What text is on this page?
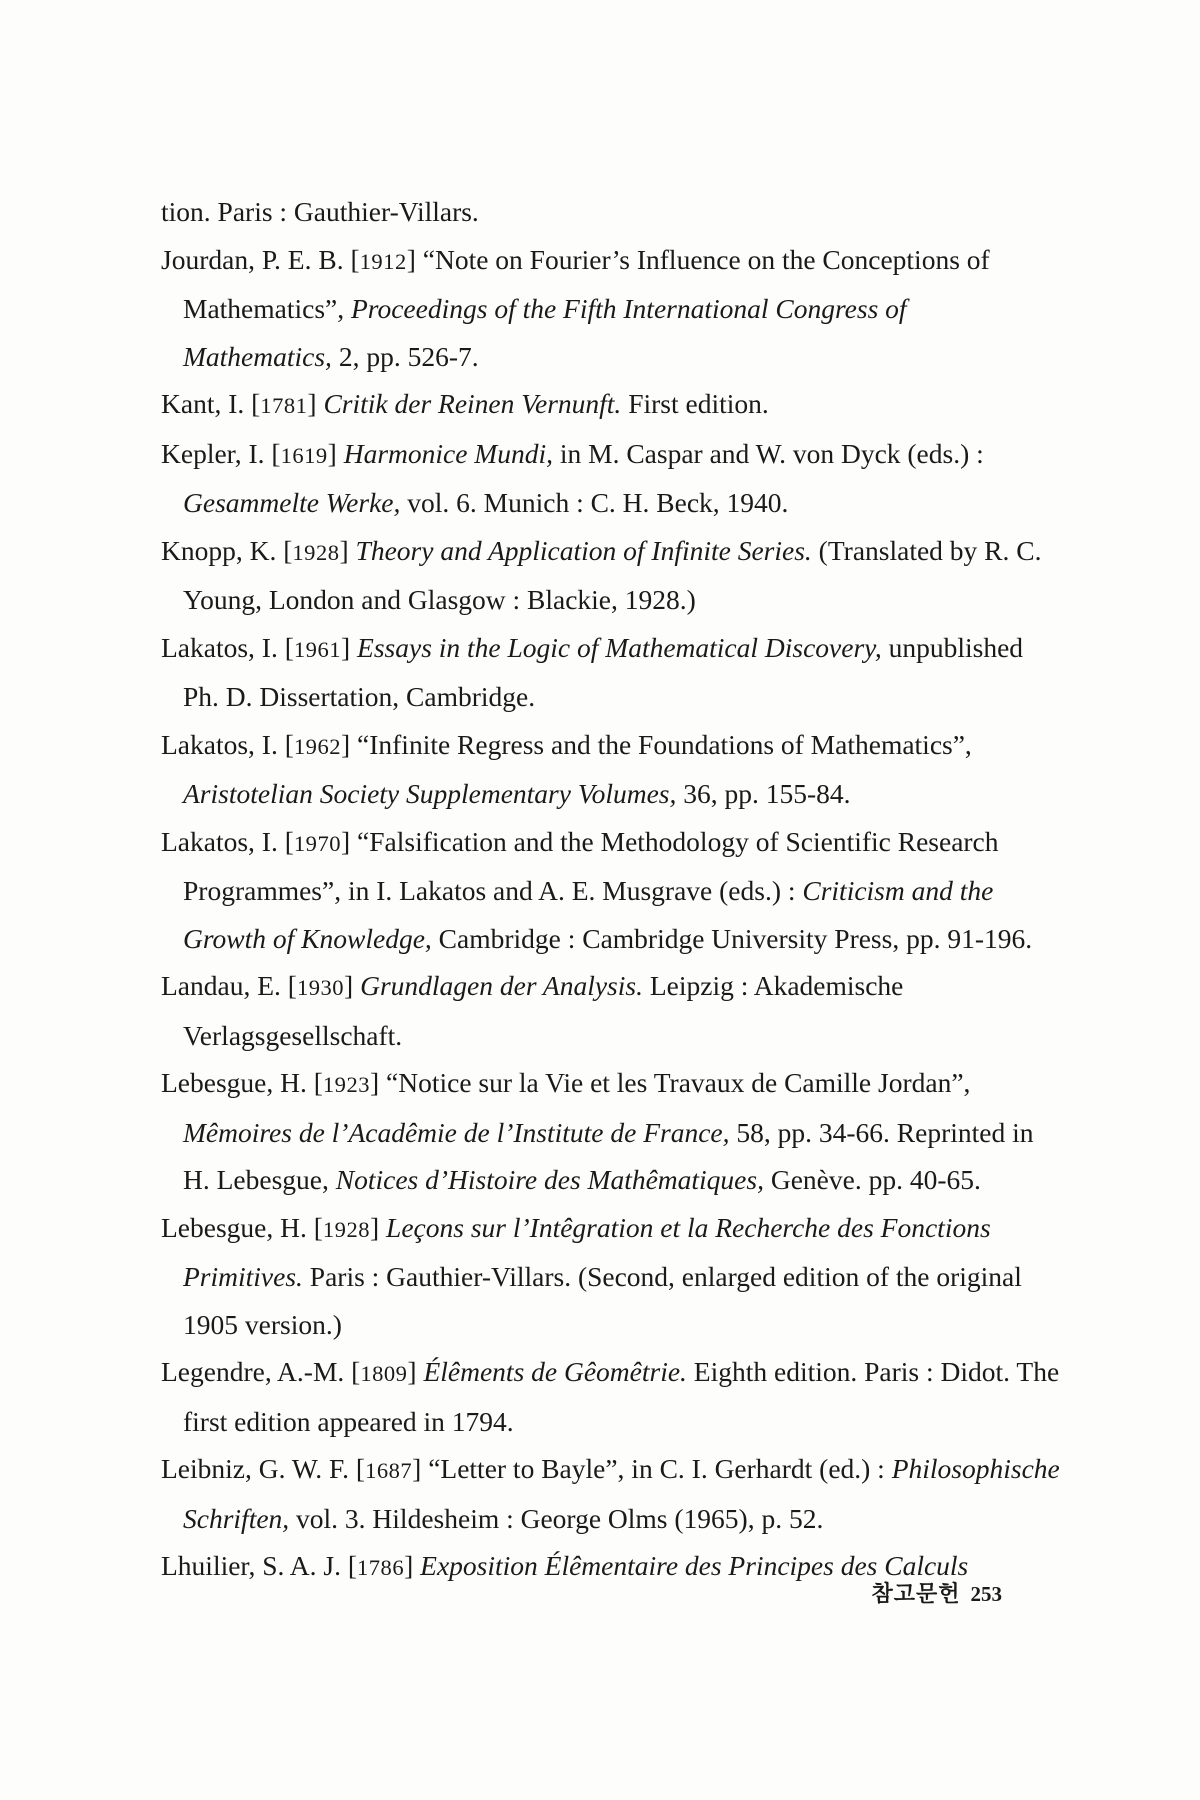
tion. Paris : Gauthier-Villars.

Jourdan, P. E. B. [1912] “Note on Fourier’s Influence on the Conceptions of Mathematics”, Proceedings of the Fifth International Congress of Mathematics, 2, pp. 526-7.

Kant, I. [1781] Critik der Reinen Vernunft. First edition.

Kepler, I. [1619] Harmonice Mundi, in M. Caspar and W. von Dyck (eds.) : Gesammelte Werke, vol. 6. Munich : C. H. Beck, 1940.

Knopp, K. [1928] Theory and Application of Infinite Series. (Translated by R. C. Young, London and Glasgow : Blackie, 1928.)

Lakatos, I. [1961] Essays in the Logic of Mathematical Discovery, unpublished Ph. D. Dissertation, Cambridge.

Lakatos, I. [1962] “Infinite Regress and the Foundations of Mathematics”, Aristotelian Society Supplementary Volumes, 36, pp. 155-84.

Lakatos, I. [1970] “Falsification and the Methodology of Scientific Research Programmes”, in I. Lakatos and A. E. Musgrave (eds.) : Criticism and the Growth of Knowledge, Cambridge : Cambridge University Press, pp. 91-196.

Landau, E. [1930] Grundlagen der Analysis. Leipzig : Akademische Verlagsgesellschaft.

Lebesgue, H. [1923] “Notice sur la Vie et les Travaux de Camille Jordan”, Mêmoires de l’Acadêmie de l’Institute de France, 58, pp. 34-66. Reprinted in H. Lebesgue, Notices d’Histoire des Mathêmatiques, Genève. pp. 40-65.

Lebesgue, H. [1928] Leçons sur l’Intêgration et la Recherche des Fonctions Primitives. Paris : Gauthier-Villars. (Second, enlarged edition of the original 1905 version.)

Legendre, A.-M. [1809] Élêments de Gêomêtrie. Eighth edition. Paris : Didot. The first edition appeared in 1794.

Leibniz, G. W. F. [1687] “Letter to Bayle”, in C. I. Gerhardt (ed.) : Philosophische Schriften, vol. 3. Hildesheim : George Olms (1965), p. 52.

Lhuilier, S. A. J. [1786] Exposition Élêmentaire des Principes des Calculs

참고문헌 253
